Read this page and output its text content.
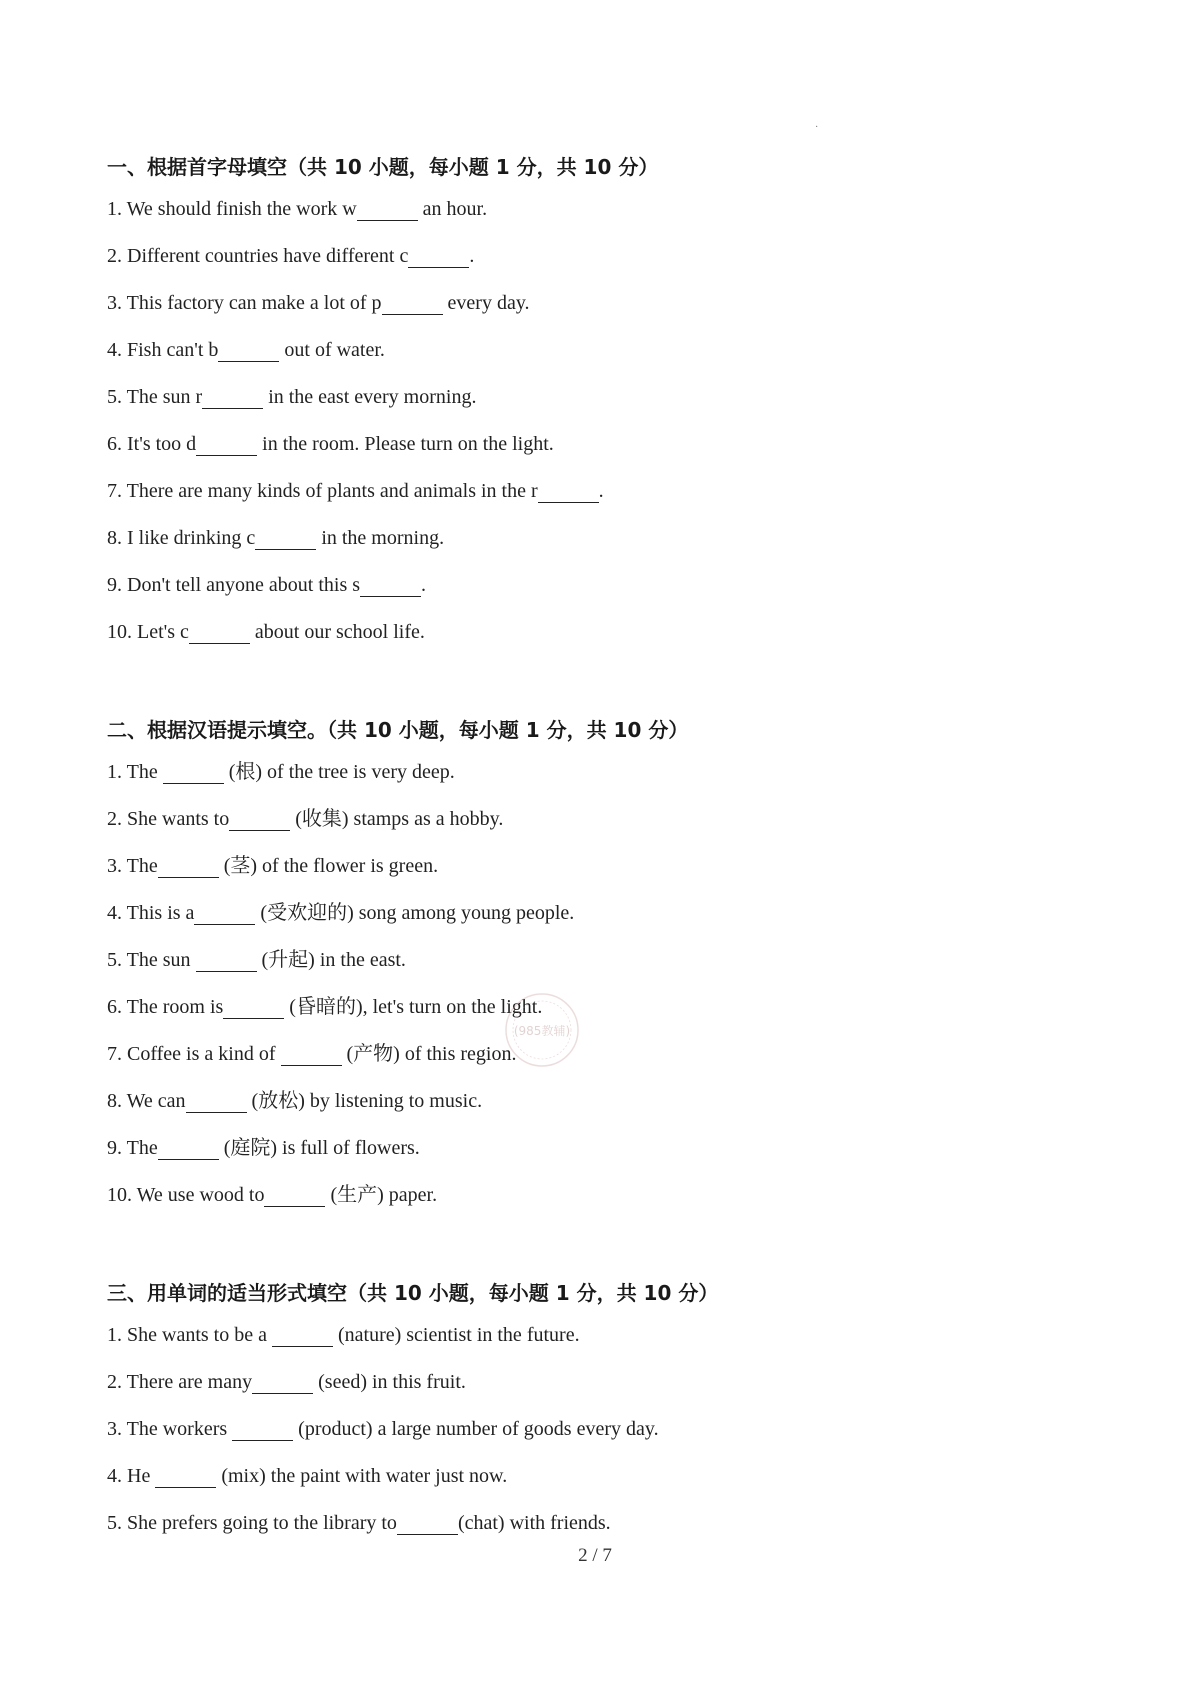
·
一、根据首字母填空（共 10 小题，每小题 1 分，共 10 分）
1. We should finish the work w	an hour.
2. Different countries have different c	.
3. This factory can make a lot of p	every day.
4. Fish can't b	out of water.
5. The sun r	in the east every morning.
6. It's too d	in the room. Please turn on the light.
7. There are many kinds of plants and animals in the r	.
8. I like drinking c	in the morning.
9. Don't tell anyone about this s	.
10. Let's c	about our school life.
二、根据汉语提示填空。（共 10 小题，每小题 1 分，共 10 分）
1. The	(根) of the tree is very deep.
2. She wants to	(收集) stamps as a hobby.
3. The	(茎) of the flower is green.
4. This is a	(受欢迎的) song among young people.
5. The sun	(升起) in the east.
6. The room is	(昏暗的), let's turn on the light.
7. Coffee is a kind of	(产物) of this region.
8. We can	(放松) by listening to music.
9. The	(庭院) is full of flowers.
10. We use wood to	(生产) paper.
三、用单词的适当形式填空（共 10 小题，每小题 1 分，共 10 分）
1. She wants to be a	(nature) scientist in the future.
2. There are many	(seed) in this fruit.
3. The workers	(product) a large number of goods every day.
4. He	(mix) the paint with water just now.
5. She prefers going to the library to	(chat) with friends.
(985教辅)
2 / 7
